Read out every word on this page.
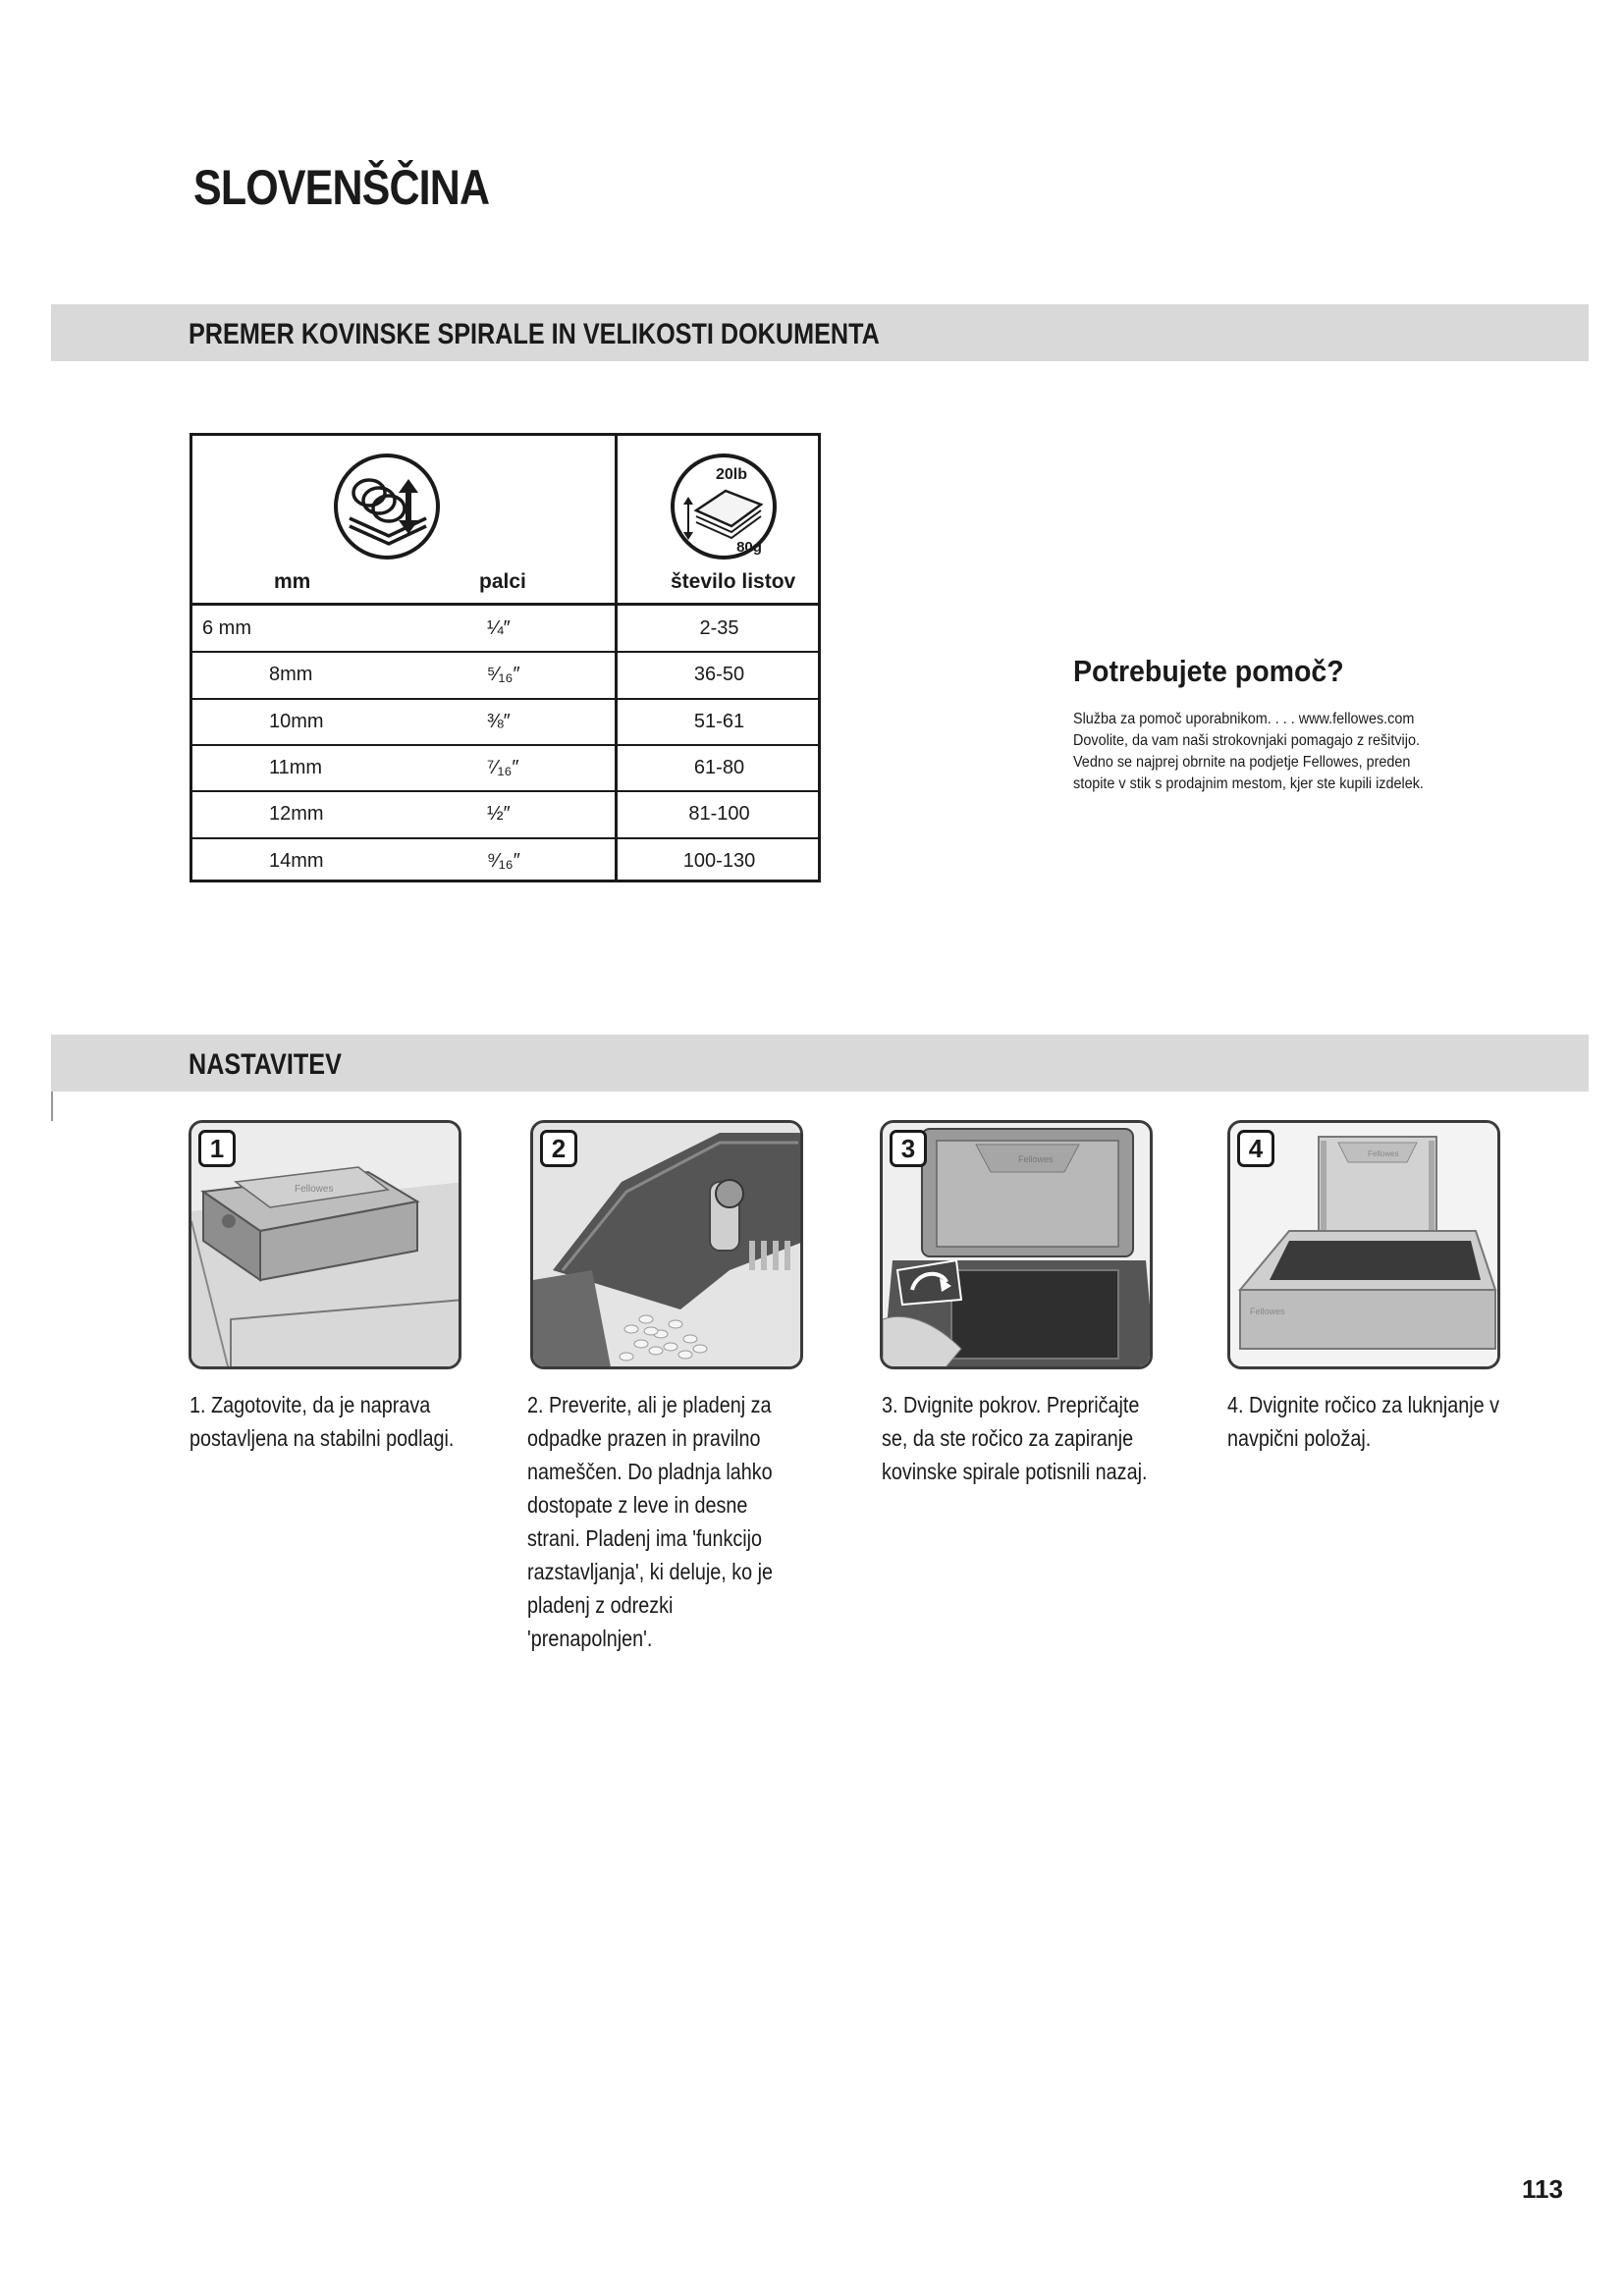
SLOVENŠČINA
PREMER KOVINSKE SPIRALE IN VELIKOSTI DOKUMENTA
20lb
80g
mm	palci	število listov
6 mm	¼″	2-35
8mm	⁵⁄₁₆″	36-50
10mm	⅜″	51-61
11mm	⁷⁄₁₆″	61-80
12mm	½″	81-100
14mm	⁹⁄₁₆″	100-130
Potrebujete pomoč?
Služba za pomoč uporabnikom. . . . www.fellowes.com
Dovolite, da vam naši strokovnjaki pomagajo z rešitvijo.
Vedno se najprej obrnite na podjetje Fellowes, preden
stopite v stik s prodajnim mestom, kjer ste kupili izdelek.
NASTAVITEV
1
Fellowes
2	3	Fellowes	4	Fellowes
Fellowes
1. Zagotovite, da je naprava postavljena na stabilni podlagi.
2. Preverite, ali je pladenj za odpadke prazen in pravilno nameščen. Do pladnja lahko dostopate z leve in desne strani. Pladenj ima 'funkcijo razstavljanja', ki deluje, ko je pladenj z odrezki 'prenapolnjen'.
3. Dvignite pokrov. Prepričajte se, da ste ročico za zapiranje kovinske spirale potisnili nazaj.
4. Dvignite ročico za luknjanje v navpični položaj.
113
